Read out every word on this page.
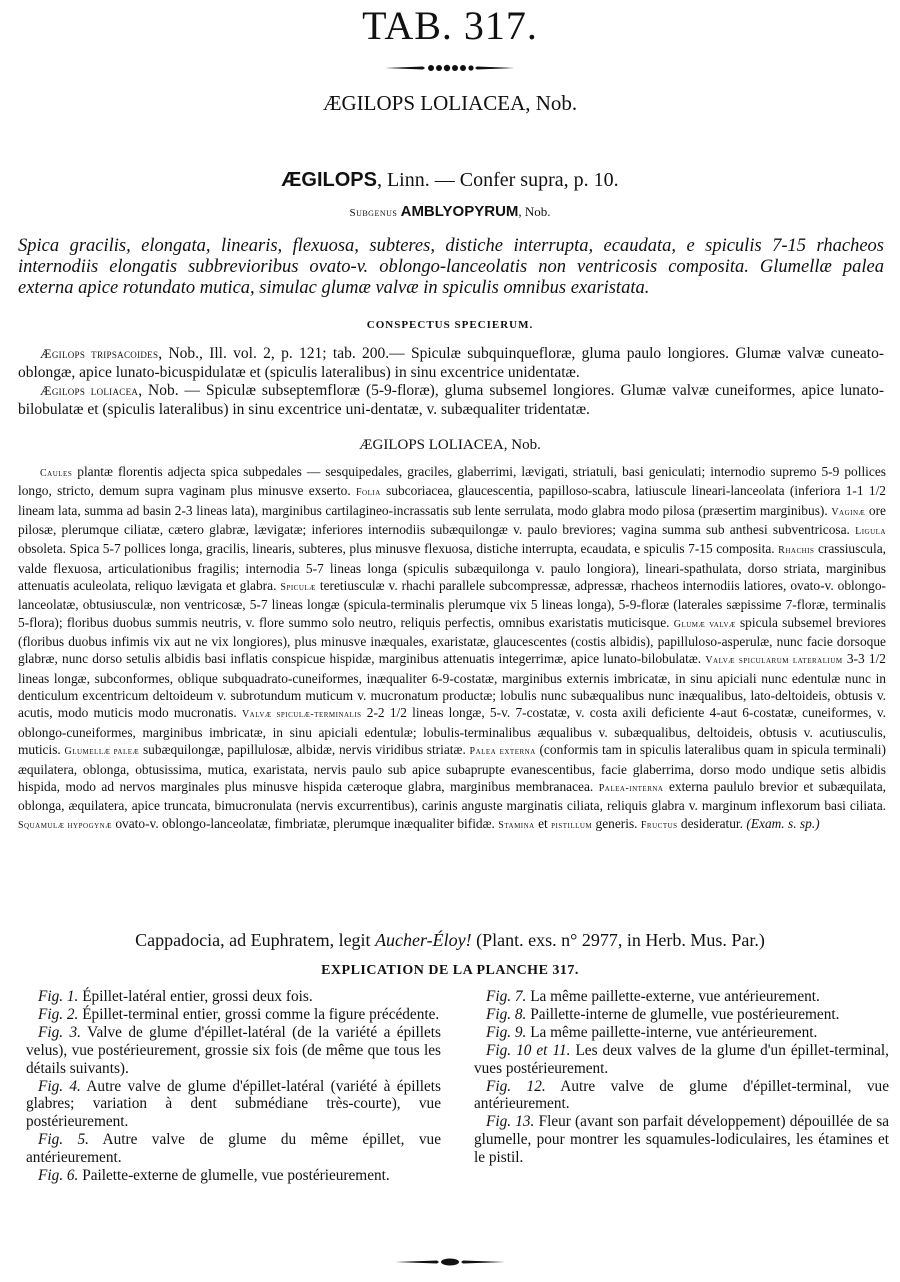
TAB. 317.
ÆGILOPS LOLIACEA, Nob.
ÆGILOPS, Linn. — Confer supra, p. 10.
Subgenus AMBLYOPYRUM, Nob.
Spica gracilis, elongata, linearis, flexuosa, subteres, distiche interrupta, ecaudata, e spiculis 7-15 rhacheos internodiis elongatis subbrevioribus ovato-v. oblongo-lanceolatis non ventricosis composita. Glumellæ palea externa apice rotundato mutica, simulac glumæ valvæ in spiculis omnibus exaristata.
CONSPECTUS SPECIERUM.

Ægilops tripsacoides, Nob., Ill. vol. 2, p. 121; tab. 200.— Spiculæ subquinquefloræ, gluma paulo longiores. Glumæ valvæ cuneato-oblongæ, apice lunato-bicuspidulatæ et (spiculis lateralibus) in sinu excentrice unidentatæ.

Ægilops loliacea, Nob. — Spiculæ subseptemfloræ (5-9-floræ), gluma subsemel longiores. Glumæ valvæ cuneiformes, apice lunato-bilobulatæ et (spiculis lateralibus) in sinu excentrice uni-dentatæ, v. subæqualiter tridentatæ.

ÆGILOPS LOLIACEA, Nob.

Caules plantæ florentis adjecta spica subpedales — sesquipedales, graciles, glaberrimi, lævigati, striatuli, basi geniculati; internodio supremo 5-9 pollices longo, stricto, demum supra vaginam plus minusve exserto. Folia subcoriacea, glaucescentia, papilloso-scabra, latiuscule lineari-lanceolata (inferiora 1-1 1/2 lineam lata, summa ad basin 2-3 lineas lata), marginibus cartilagineo-incrassatis sub lente serrulata, modo glabra modo pilosa (præsertim marginibus). Vaginæ ore pilosæ, plerumque ciliatæ, cætero glabræ, lævigatæ; inferiores internodiis subæquilongæ v. paulo breviores; vagina summa sub anthesi subventricosa. Ligula obsoleta. Spica 5-7 pollices longa, gracilis, linearis, subteres, plus minusve flexuosa, distiche interrupta, ecaudata, e spiculis 7-15 composita. Rhachis crassiuscula, valde flexuosa, articulationibus fragilis; internodia 5-7 lineas longa (spiculis subæquilonga v. paulo longiora), lineari-spathulata, dorso striata, marginibus attenuatis aculeolata, reliquo lævigata et glabra. Spiculæ teretiusculæ v. rhachi parallele subcompressæ, adpressæ, rhacheos internodiis latiores, ovato-v. oblongo-lanceolatæ, obtusiusculæ, non ventricosæ, 5-7 lineas longæ (spicula-terminalis plerumque vix 5 lineas longa), 5-9-floræ (laterales sæpissime 7-floræ, terminalis 5-flora); floribus duobus summis neutris, v. flore summo solo neutro, reliquis perfectis, omnibus exaristatis muticisque. Glumæ valvæ spicula subsemel breviores (floribus duobus infimis vix aut ne vix longiores), plus minusve inæquales, exaristatæ, glaucescentes (costis albidis), papilluloso-asperulæ, nunc facie dorsoque glabræ, nunc dorso setulis albidis basi inflatis conspicue hispidæ, marginibus attenuatis integerrimæ, apice lunato-bilobulatæ. Valvæ spicularum lateralium 3-3 1/2 lineas longæ, subconformes, oblique subquadrato-cuneiformes, inæqualiter 6-9-costatæ, marginibus externis imbricatæ, in sinu apiciali nunc edentulæ nunc in denticulum excentricum deltoideum v. subrotundum muticum v. mucronatum productæ; lobulis nunc subæqualibus nunc inæqualibus, lato-deltoideis, obtusis v. acutis, modo muticis modo mucronatis. Valvæ spiculæ-terminalis 2-2 1/2 lineas longæ, 5-v. 7-costatæ, v. costa axili deficiente 4-aut 6-costatæ, cuneiformes, v. oblongo-cuneiformes, marginibus imbricatæ, in sinu apiciali edentulæ; lobulis-terminalibus æqualibus v. subæqualibus, deltoideis, obtusis v. acutiusculis, muticis. Glumellæ paleæ subæquilongæ, papillulosæ, albidæ, nervis viridibus striatæ. Palea externa (conformis tam in spiculis lateralibus quam in spicula terminali) æquilatera, oblonga, obtusissima, mutica, exaristata, nervis paulo sub apice subaprupte evanescentibus, facie glaberrima, dorso modo undique setis albidis hispida, modo ad nervos marginales plus minusve hispida cæteroque glabra, marginibus membranacea. Palea-interna externa paululo brevior et subæquilata, oblonga, æquilatera, apice truncata, bimucronulata (nervis excurrentibus), carinis anguste marginatis ciliata, reliquis glabra v. marginum inflexorum basi ciliata. Squamulæ hypogynæ ovato-v. oblongo-lanceolatæ, fimbriatæ, plerumque inæqualiter bifidæ. Stamina et pistillum generis. Fructus desideratur. (Exam. s. sp.)

Cappadocia, ad Euphratem, legit Aucher-Éloy! (Plant. exs. n° 2977, in Herb. Mus. Par.)
EXPLICATION DE LA PLANCHE 317.

Fig. 1. Épillet-latéral entier, grossi deux fois.

Fig. 2. Épillet-terminal entier, grossi comme la figure précédente.

Fig. 3. Valve de glume d'épillet-latéral (de la variété a épillets velus), vue postérieurement, grossie six fois (de même que tous les détails suivants).

Fig. 4. Autre valve de glume d'épillet-latéral (variété à épillets glabres; variation à dent submédiane très-courte), vue postérieurement.

Fig. 5. Autre valve de glume du même épillet, vue antérieurement.

Fig. 6. Pailette-externe de glumelle, vue postérieurement.

Fig. 7. La même paillette-externe, vue antérieurement.

Fig. 8. Paillette-interne de glumelle, vue postérieurement.

Fig. 9. La même paillette-interne, vue antérieurement.

Fig. 10 et 11. Les deux valves de la glume d'un épillet-terminal, vues postérieurement.

Fig. 12. Autre valve de glume d'épillet-terminal, vue antérieurement.

Fig. 13. Fleur (avant son parfait développement) dépouillée de sa glumelle, pour montrer les squamules-lodiculaires, les étamines et le pistil.
